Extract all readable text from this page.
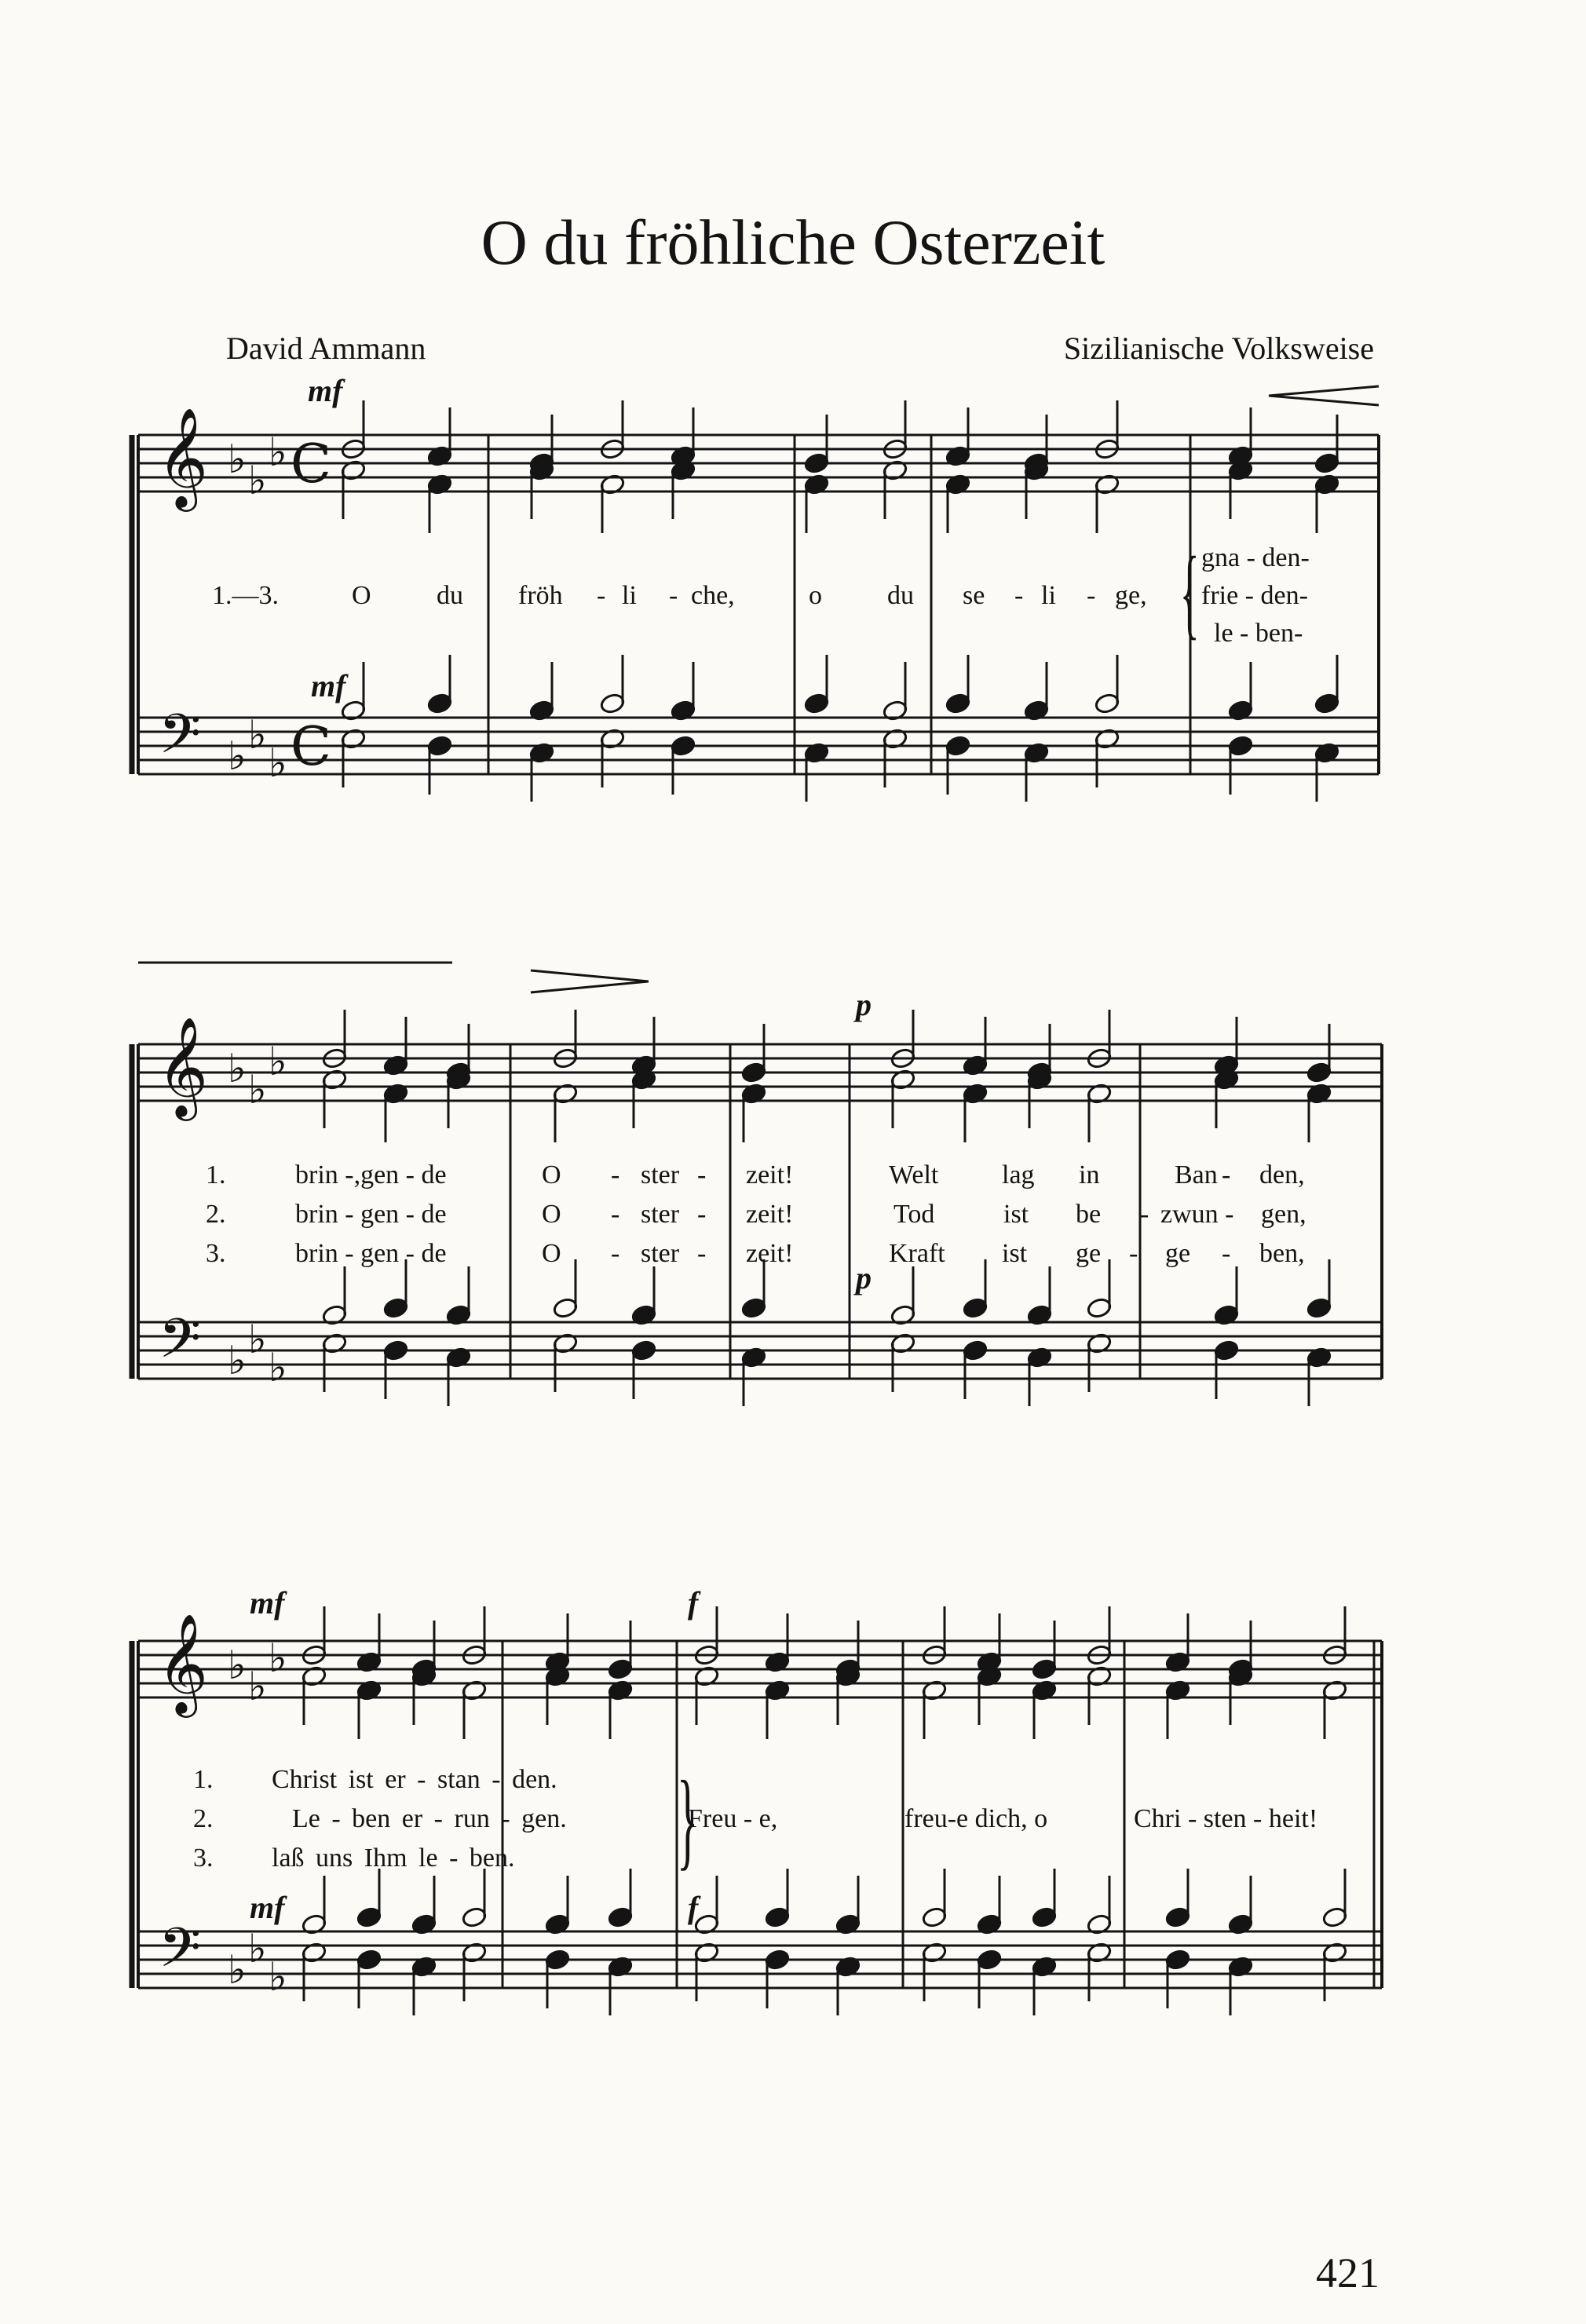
O du fröhliche Osterzeit
David Ammann	Sizilianische Volksweise
𝄞
𝄢
♭ ♭
♭
♭ ♭
♭
C
C
𝄞
𝄢
♭ ♭
♭
♭ ♭
♭
𝄞
𝄢
♭ ♭
♭
♭ ♭
♭
mf
mf
1.—3.	O du fröh - li - che,	o du se - li - ge, { gna - den-
frie - den-
le - ben-
p
p
1.	brin -,gen - de	O - ster - zeit!	Welt lag in	Ban - den,
2.	brin - gen - de	O - ster - zeit!	Tod	ist be - zwun - gen,
3.	brin - gen - de	O - ster - zeit!	Kraft ist ge - ge - ben,
mf	f
mf	f
1. Christ ist er - stan - den.
2.	Le - ben er - run - gen.
3. laß uns Ihm le - ben. }
Freu - e,	freu-e dich, o	Chri - sten - heit!
421
